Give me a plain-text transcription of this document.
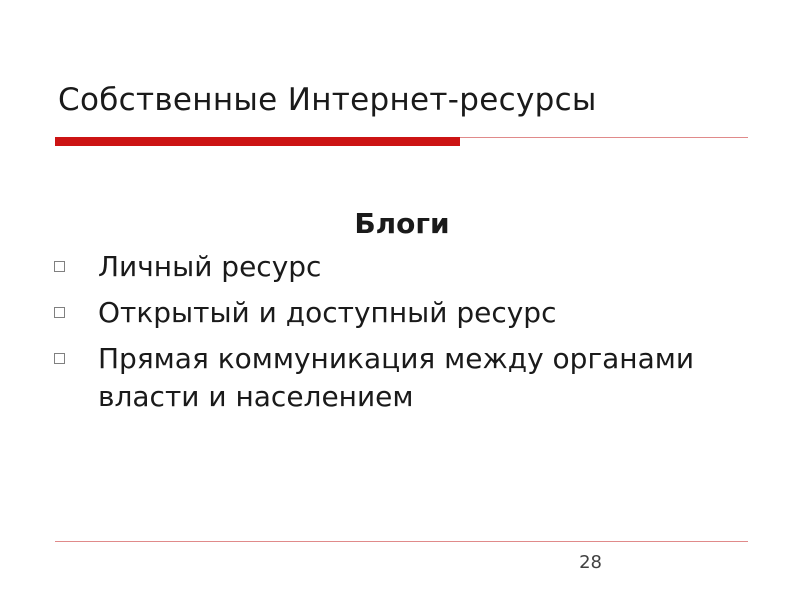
Собственные Интернет-ресурсы
Блоги
Личный ресурс
Открытый и доступный ресурс
Прямая коммуникация между органами власти и населением
28
